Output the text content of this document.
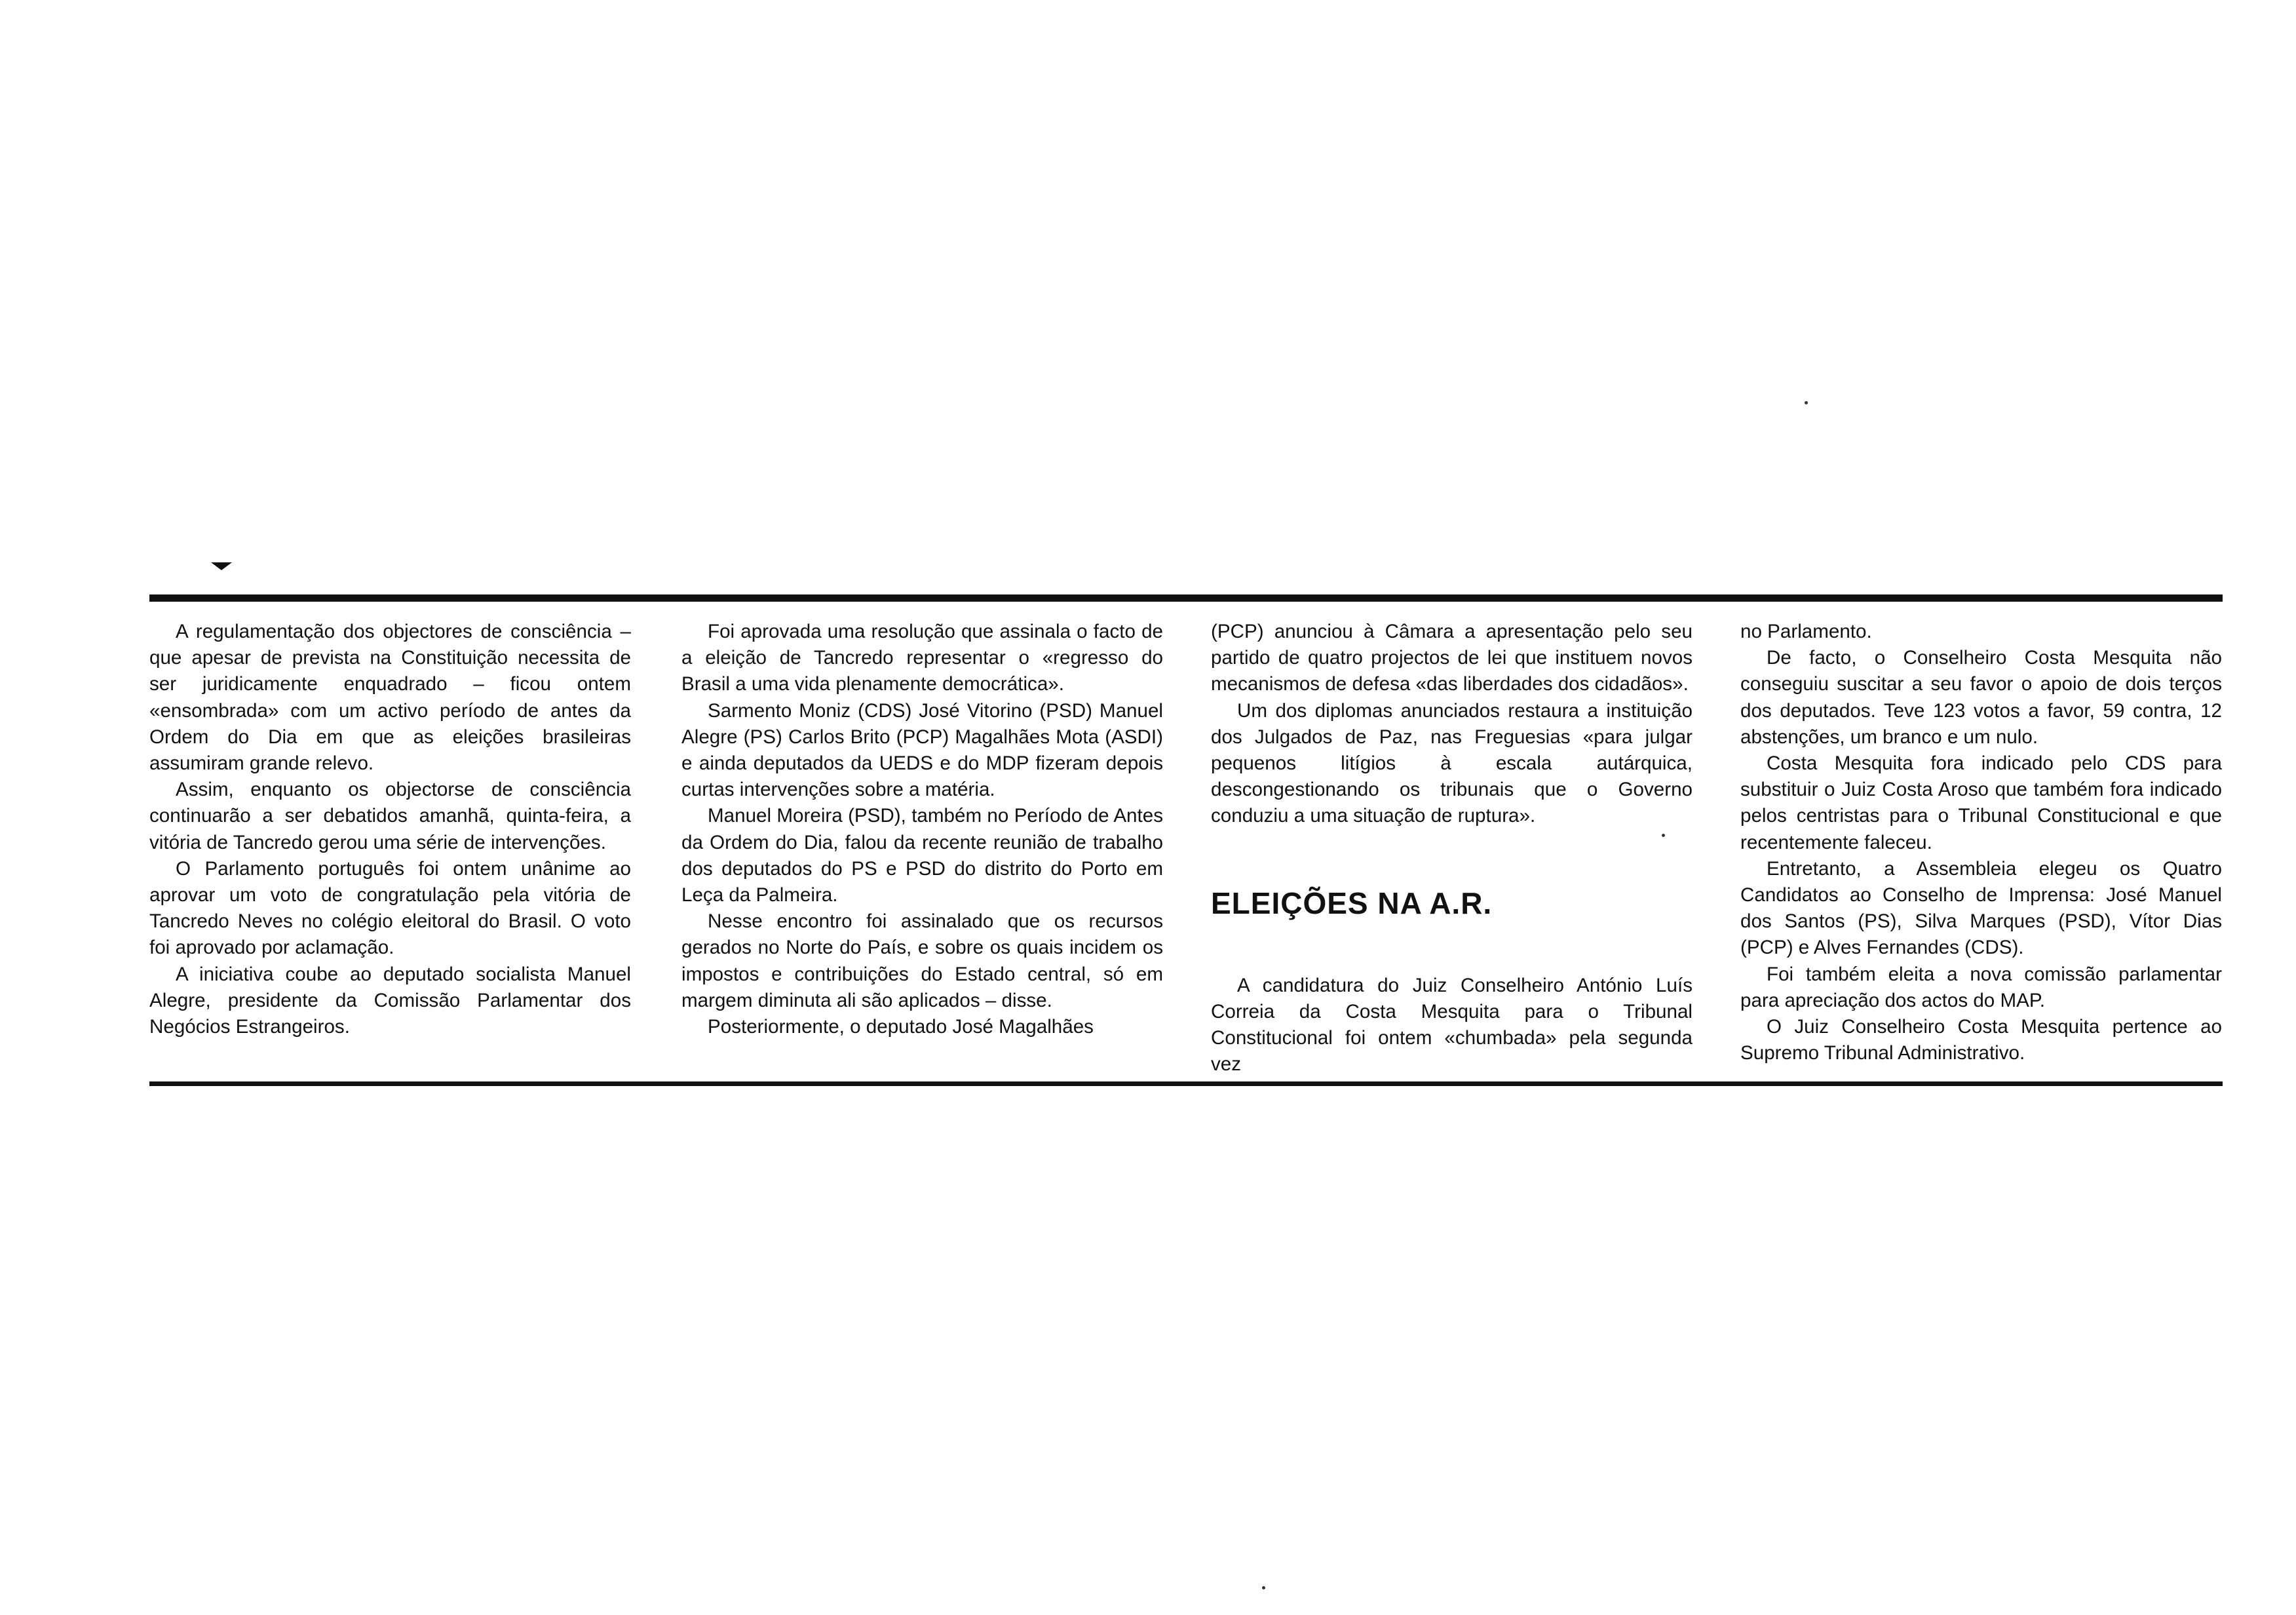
A regulamentação dos objectores de consciência – que apesar de prevista na Constituição necessita de ser juridicamente enquadrado – ficou ontem «ensombrada» com um activo período de antes da Ordem do Dia em que as eleições brasileiras assumiram grande relevo.

Assim, enquanto os objectorse de consciência continuarão a ser debatidos amanhã, quinta-feira, a vitória de Tancredo gerou uma série de intervenções.

O Parlamento português foi ontem unânime ao aprovar um voto de congratulação pela vitória de Tancredo Neves no colégio eleitoral do Brasil. O voto foi aprovado por aclamação.

A iniciativa coube ao deputado socialista Manuel Alegre, presidente da Comissão Parlamentar dos Negócios Estrangeiros.

Foi aprovada uma resolução que assinala o facto de a eleição de Tancredo representar o «regresso do Brasil a uma vida plenamente democrática».

Sarmento Moniz (CDS) José Vitorino (PSD) Manuel Alegre (PS) Carlos Brito (PCP) Magalhães Mota (ASDI) e ainda deputados da UEDS e do MDP fizeram depois curtas intervenções sobre a matéria.

Manuel Moreira (PSD), também no Período de Antes da Ordem do Dia, falou da recente reunião de trabalho dos deputados do PS e PSD do distrito do Porto em Leça da Palmeira.

Nesse encontro foi assinalado que os recursos gerados no Norte do País, e sobre os quais incidem os impostos e contribuições do Estado central, só em margem diminuta ali são aplicados – disse.

Posteriormente, o deputado José Magalhães

(PCP) anunciou à Câmara a apresentação pelo seu partido de quatro projectos de lei que instituem novos mecanismos de defesa «das liberdades dos cidadãos».

Um dos diplomas anunciados restaura a instituição dos Julgados de Paz, nas Freguesias «para julgar pequenos litígios à escala autárquica, descongestionando os tribunais que o Governo conduziu a uma situação de ruptura».

ELEIÇÕES NA A.R.

A candidatura do Juiz Conselheiro António Luís Correia da Costa Mesquita para o Tribunal Constitucional foi ontem «chumbada» pela segunda vez

no Parlamento.

De facto, o Conselheiro Costa Mesquita não conseguiu suscitar a seu favor o apoio de dois terços dos deputados. Teve 123 votos a favor, 59 contra, 12 abstenções, um branco e um nulo.

Costa Mesquita fora indicado pelo CDS para substituir o Juiz Costa Aroso que também fora indicado pelos centristas para o Tribunal Constitucional e que recentemente faleceu.

Entretanto, a Assembleia elegeu os Quatro Candidatos ao Conselho de Imprensa: José Manuel dos Santos (PS), Silva Marques (PSD), Vítor Dias (PCP) e Alves Fernandes (CDS).

Foi também eleita a nova comissão parlamentar para apreciação dos actos do MAP.

O Juiz Conselheiro Costa Mesquita pertence ao Supremo Tribunal Administrativo.
